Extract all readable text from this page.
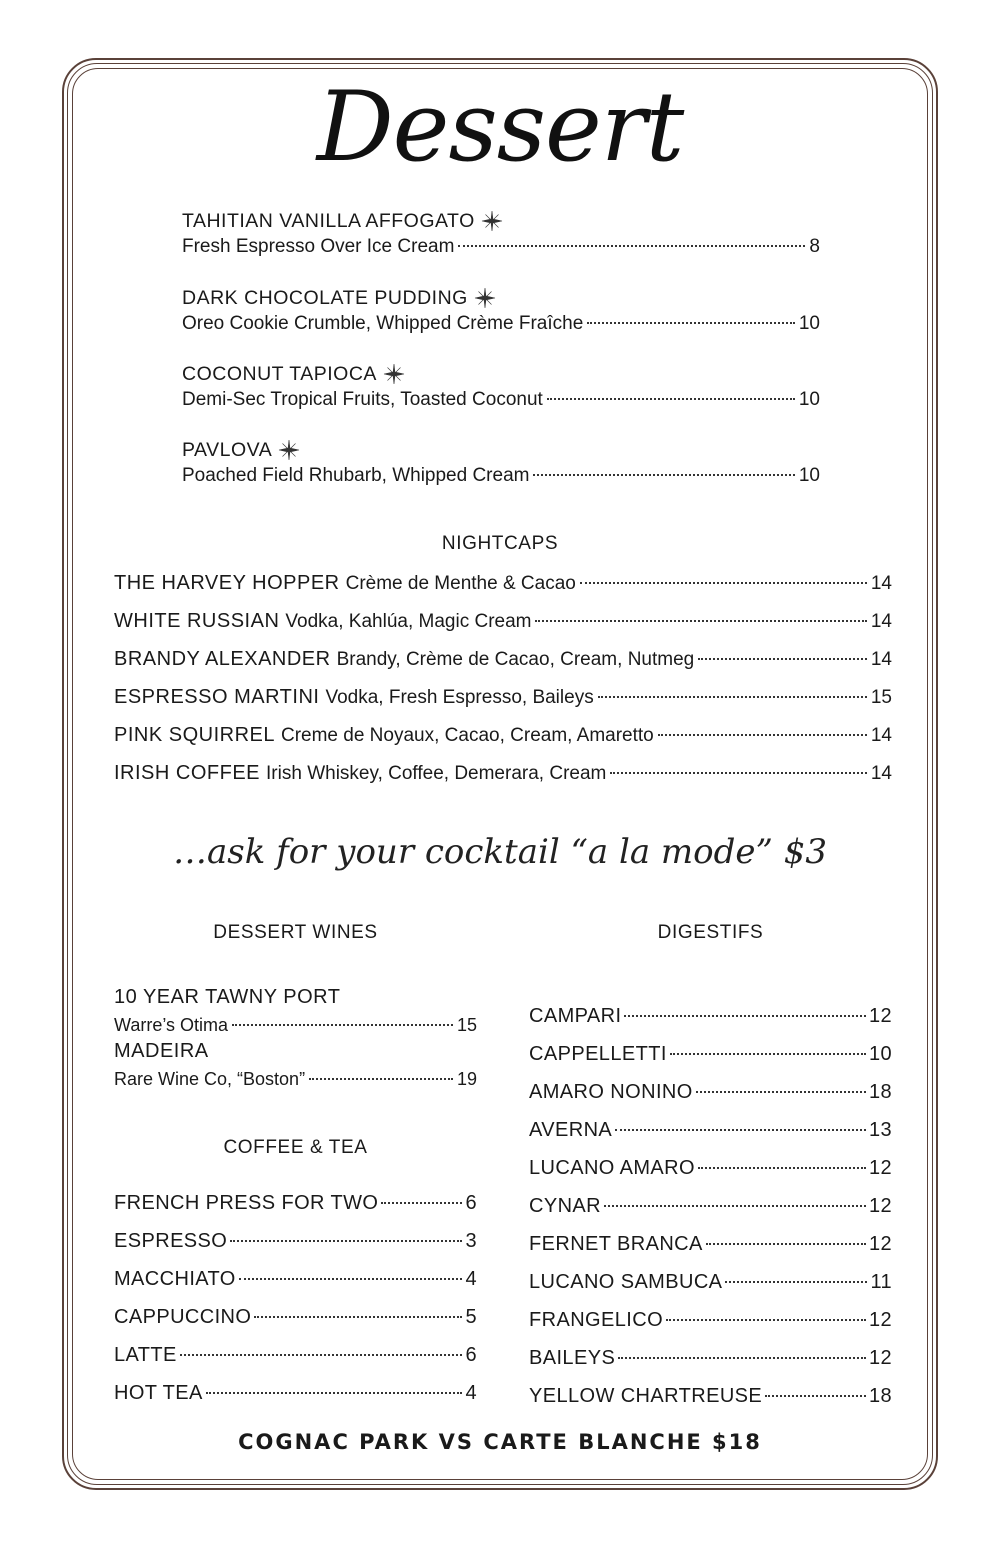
Dessert
TAHITIAN VANILLA AFFOGATO
Fresh Espresso Over Ice Cream	8
DARK CHOCOLATE PUDDING
Oreo Cookie Crumble, Whipped Crème Fraîche	10
COCONUT TAPIOCA
Demi-Sec Tropical Fruits, Toasted Coconut	10
PAVLOVA
Poached Field Rhubarb, Whipped Cream	10
NIGHTCAPS
THE HARVEY HOPPER Crème de Menthe & Cacao	14
WHITE RUSSIAN Vodka, Kahlúa, Magic Cream	14
BRANDY ALEXANDER Brandy, Crème de Cacao, Cream, Nutmeg	14
ESPRESSO MARTINI Vodka, Fresh Espresso, Baileys	15
PINK SQUIRREL Creme de Noyaux, Cacao, Cream, Amaretto	14
IRISH COFFEE Irish Whiskey, Coffee, Demerara, Cream	14
…ask for your cocktail “a la mode” $3
DESSERT WINES
10 YEAR TAWNY PORT
Warre’s Otima	15
MADEIRA
Rare Wine Co, “Boston”	19
DIGESTIFS
COFFEE & TEA
FRENCH PRESS FOR TWO	6
ESPRESSO	3
MACCHIATO	4
CAPPUCCINO	5
LATTE	6
HOT TEA	4
CAMPARI	12
CAPPELLETTI	10
AMARO NONINO	18
AVERNA	13
LUCANO AMARO	12
CYNAR	12
FERNET BRANCA	12
LUCANO SAMBUCA	11
FRANGELICO	12
BAILEYS	12
YELLOW CHARTREUSE	18
COGNAC PARK VS CARTE BLANCHE $18
